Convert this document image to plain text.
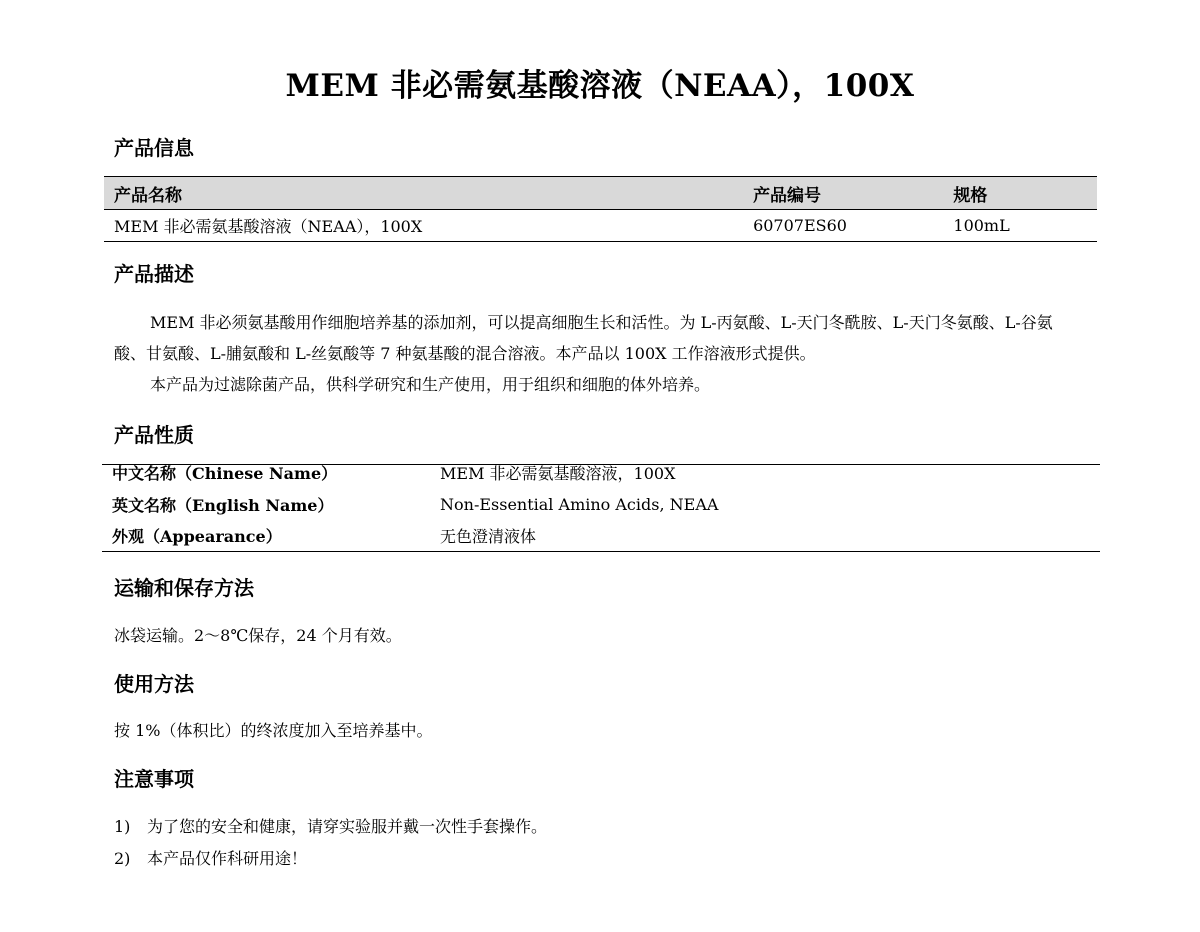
MEM 非必需氨基酸溶液（NEAA），100X
产品信息
产品名称	产品编号	规格
MEM 非必需氨基酸溶液（NEAA），100X	60707ES60	100mL
产品描述

MEM 非必须氨基酸用作细胞培养基的添加剂，可以提高细胞生长和活性。为 L-丙氨酸、L-天门冬酰胺、L-天门冬氨酸、L-谷氨酸、甘氨酸、L-脯氨酸和 L-丝氨酸等 7 种氨基酸的混合溶液。本产品以 100X 工作溶液形式提供。

本产品为过滤除菌产品，供科学研究和生产使用，用于组织和细胞的体外培养。

产品性质
中文名称（Chinese Name）	MEM 非必需氨基酸溶液，100X
英文名称（English Name）	Non-Essential Amino Acids, NEAA
外观（Appearance）	无色澄清液体
运输和保存方法

冰袋运输。2～8℃保存，24 个月有效。

使用方法

按 1%（体积比）的终浓度加入至培养基中。

注意事项

1) 为了您的安全和健康，请穿实验服并戴一次性手套操作。

2) 本产品仅作科研用途！
